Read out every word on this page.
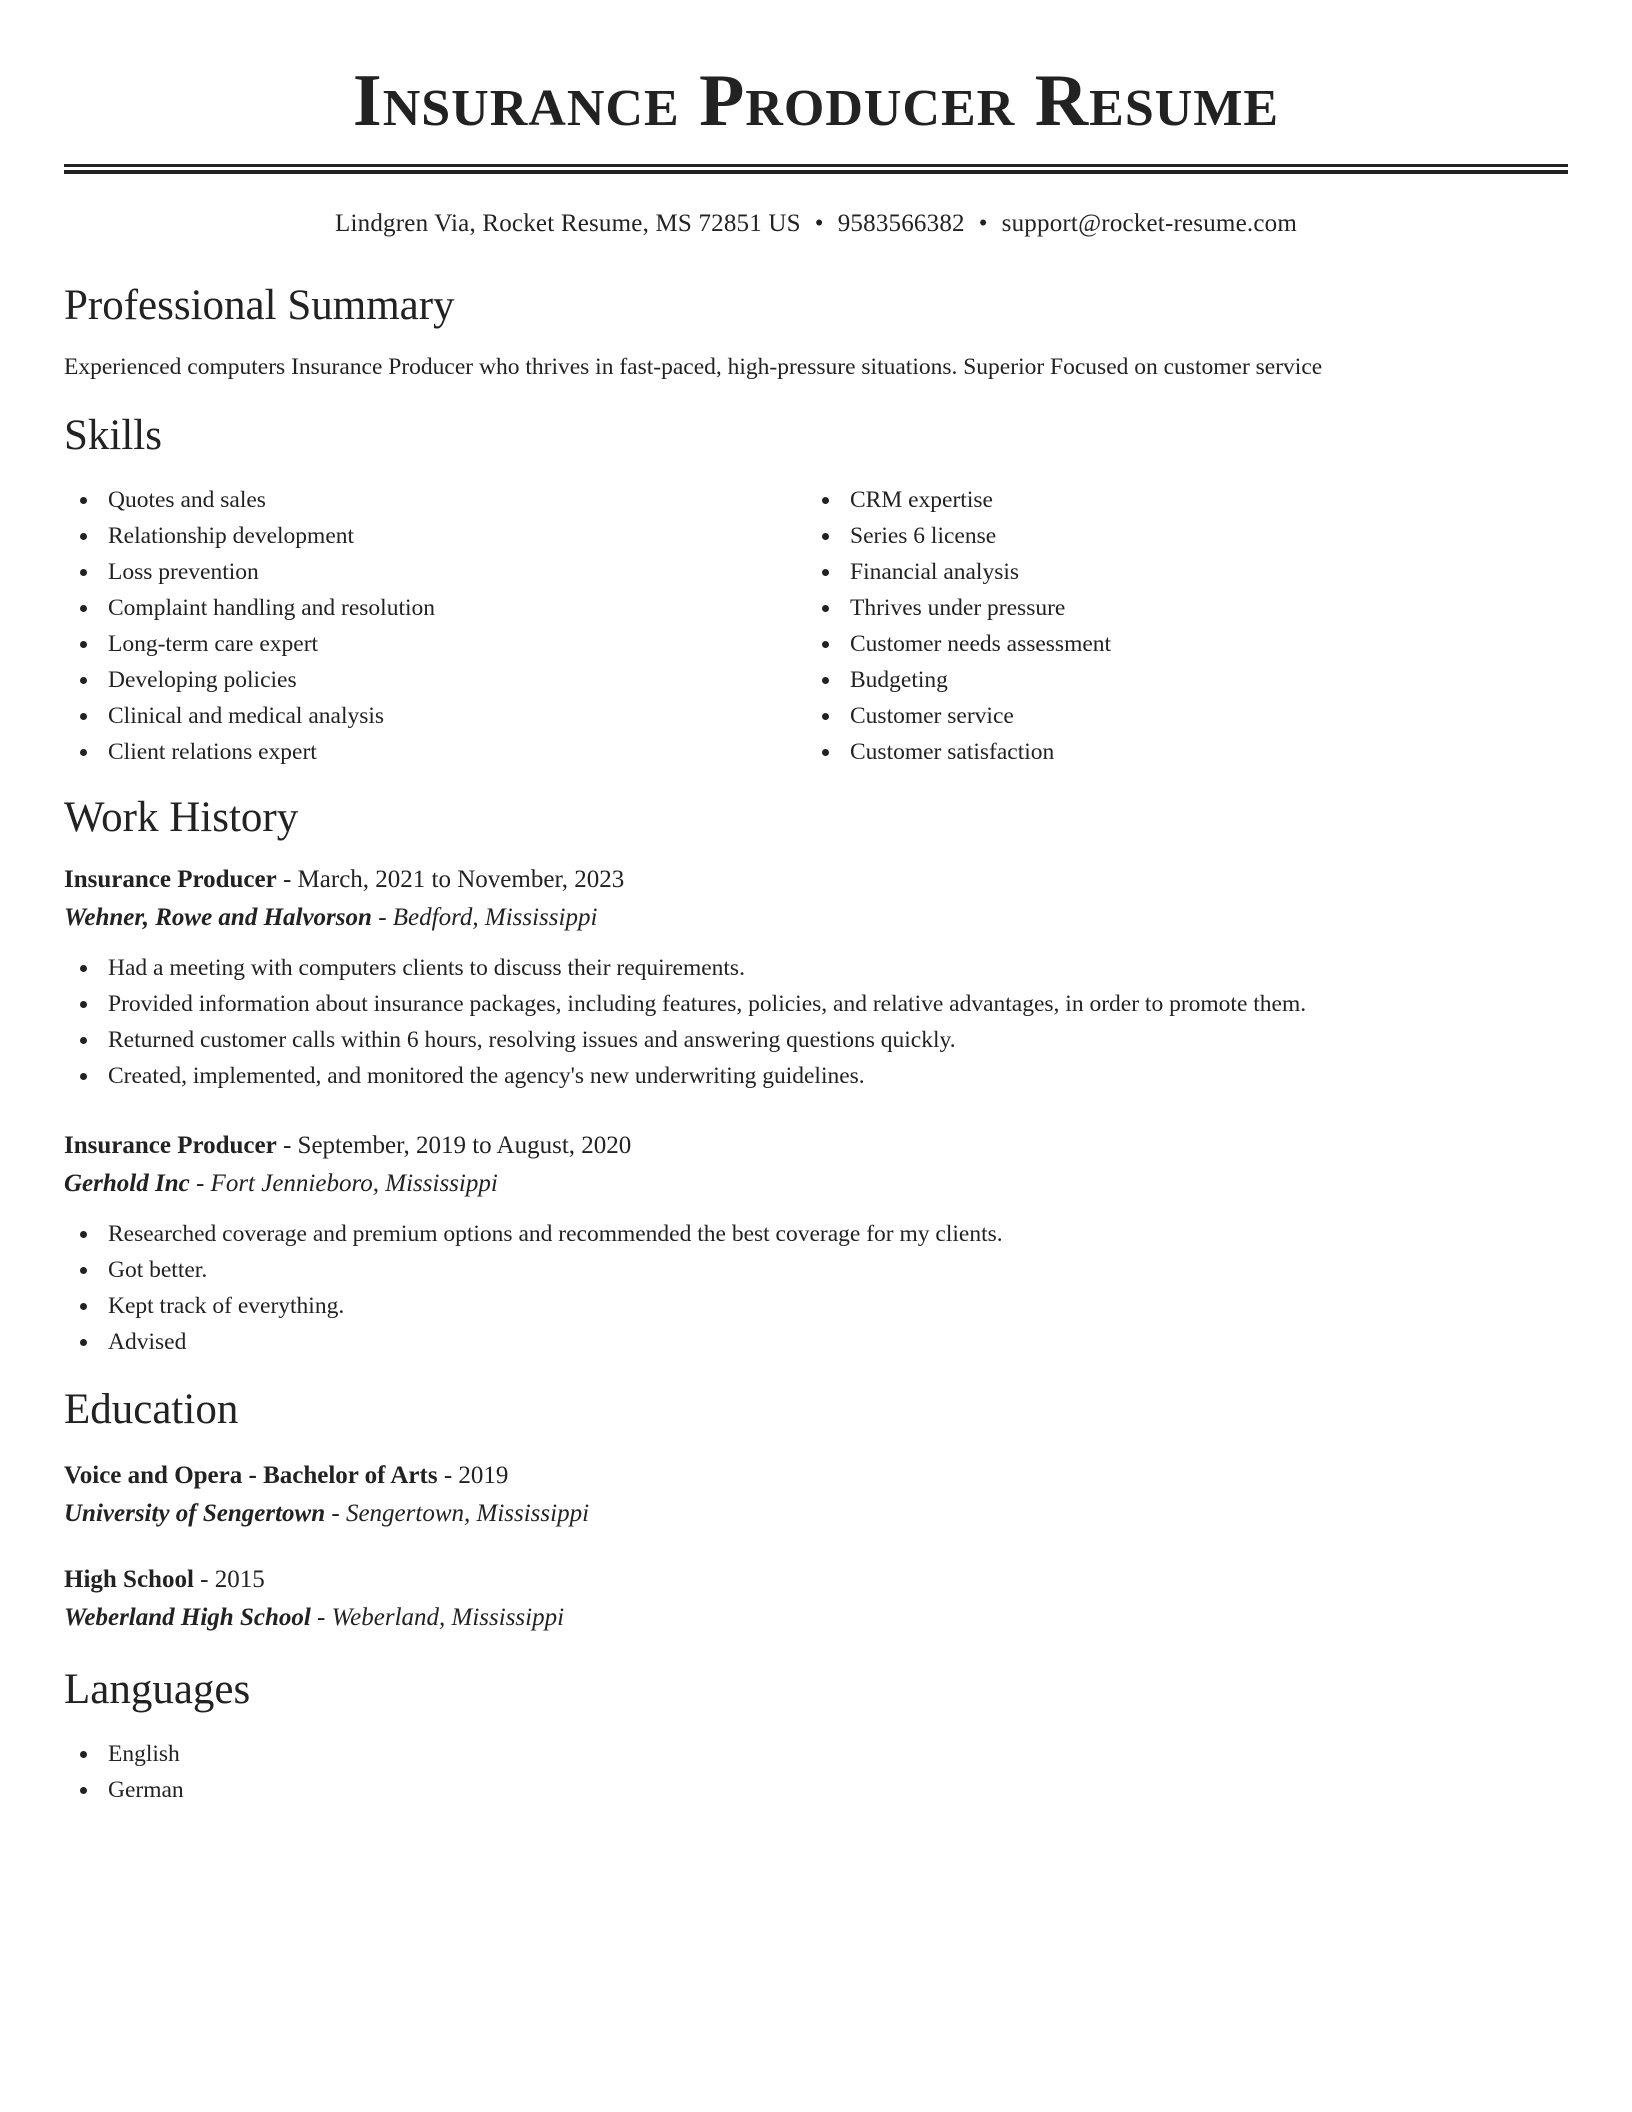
Insurance Producer Resume
Lindgren Via, Rocket Resume, MS 72851 US • 9583566382 • support@rocket-resume.com
Professional Summary
Experienced computers Insurance Producer who thrives in fast-paced, high-pressure situations. Superior Focused on customer service
Skills
Quotes and sales
Relationship development
Loss prevention
Complaint handling and resolution
Long-term care expert
Developing policies
Clinical and medical analysis
Client relations expert
CRM expertise
Series 6 license
Financial analysis
Thrives under pressure
Customer needs assessment
Budgeting
Customer service
Customer satisfaction
Work History
Insurance Producer - March, 2021 to November, 2023
Wehner, Rowe and Halvorson - Bedford, Mississippi
Had a meeting with computers clients to discuss their requirements.
Provided information about insurance packages, including features, policies, and relative advantages, in order to promote them.
Returned customer calls within 6 hours, resolving issues and answering questions quickly.
Created, implemented, and monitored the agency's new underwriting guidelines.
Insurance Producer - September, 2019 to August, 2020
Gerhold Inc - Fort Jennieboro, Mississippi
Researched coverage and premium options and recommended the best coverage for my clients.
Got better.
Kept track of everything.
Advised
Education
Voice and Opera - Bachelor of Arts - 2019
University of Sengertown - Sengertown, Mississippi
High School - 2015
Weberland High School - Weberland, Mississippi
Languages
English
German
